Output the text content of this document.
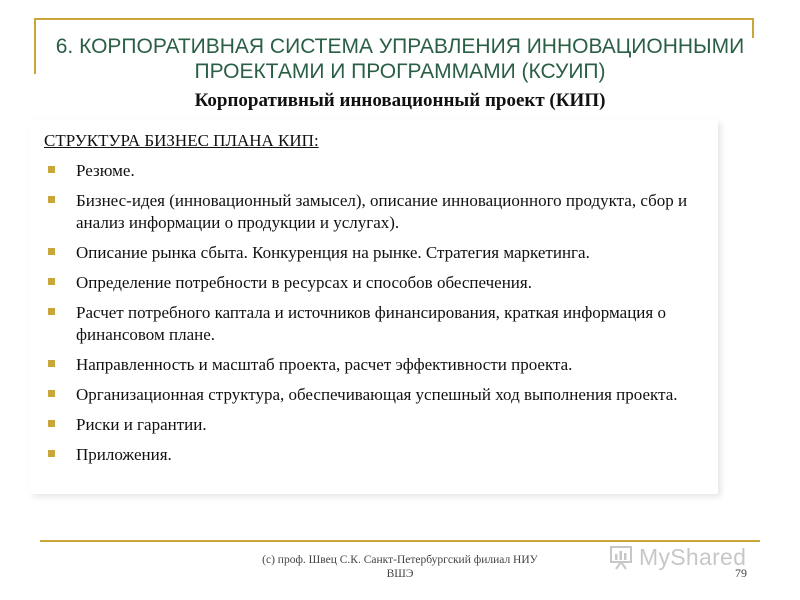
6. КОРПОРАТИВНАЯ СИСТЕМА УПРАВЛЕНИЯ ИННОВАЦИОННЫМИ ПРОЕКТАМИ И ПРОГРАММАМИ (КСУИП)
Корпоративный инновационный проект (КИП)
СТРУКТУРА БИЗНЕС ПЛАНА КИП:
Резюме.
Бизнес-идея (инновационный замысел), описание инновационного продукта, сбор и анализ информации о продукции и услугах).
Описание рынка сбыта. Конкуренция на рынке. Стратегия маркетинга.
Определение потребности в ресурсах и способов обеспечения.
Расчет потребного каптала и источников финансирования, краткая информация о финансовом плане.
Направленность и масштаб проекта, расчет эффективности проекта.
Организационная структура, обеспечивающая успешный ход выполнения проекта.
Риски и гарантии.
Приложения.
(с) проф. Швец С.К. Санкт-Петербургский филиал НИУ ВШЭ	79
MyShared
